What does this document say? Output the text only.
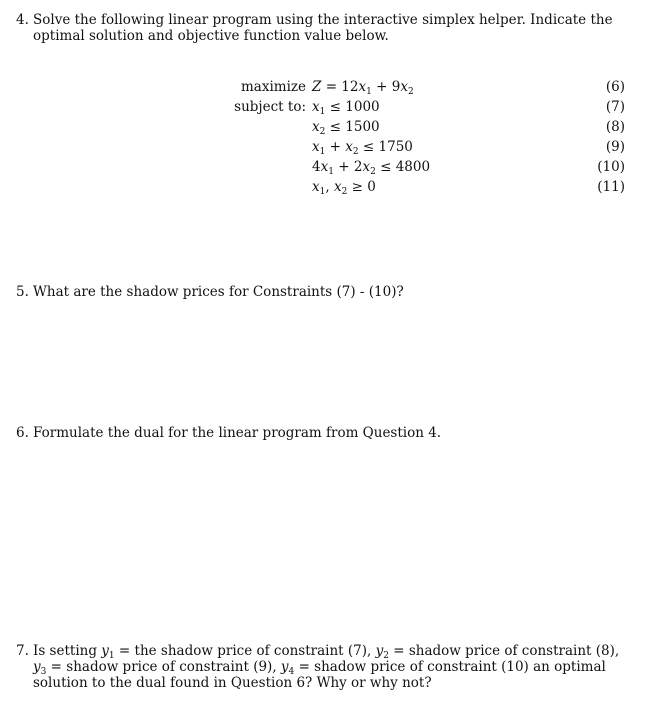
4. Solve the following linear program using the interactive simplex helper. Indicate the optimal solution and objective function value below.
maximize $Z = 12x_1 + 9x_2$	(6)
subject to: $x_1 \le 1000$	(7)
$x_2 \le 1500$	(8)
$x_1 + x_2 \le 1750$	(9)
$4x_1 + 2x_2 \le 4800$	(10)
$x_1$, $x_2 \ge 0$	(11)
5. What are the shadow prices for Constraints (7) - (10)?
6. Formulate the dual for the linear program from Question 4.
7. Is setting $y_1$ = the shadow price of constraint (7), $y_2$ = shadow price of constraint (8), $y_3$ = shadow price of constraint (9), $y_4$ = shadow price of constraint (10) an optimal solution to the dual found in Question 6? Why or why not?
